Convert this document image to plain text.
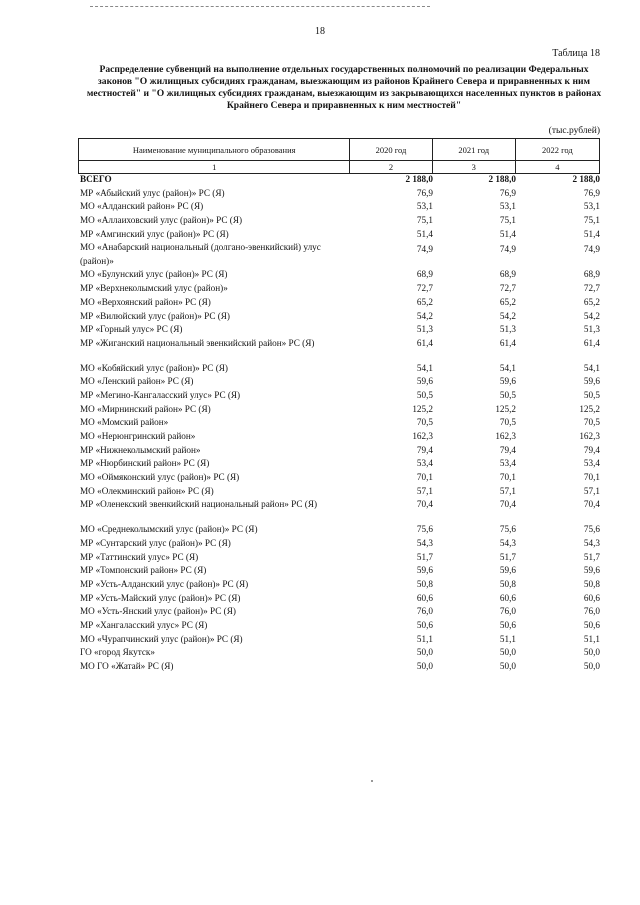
18
Таблица 18
Распределение субвенций на выполнение отдельных государственных полномочий по реализации Федеральных законов "О жилищных субсидиях гражданам, выезжающим из районов Крайнего Севера и приравненных к ним местностей" и "О жилищных субсидиях гражданам, выезжающим из закрывающихся населенных пунктов в районах Крайнего Севера и приравненных к ним местностей"
(тыс.рублей)
Наименование муниципального образования	2020 год	2021 год	2022 год
1	2	3	4
ВСЕГО	2 188,0	2 188,0	2 188,0
МР «Абыйский улус (район)» РС (Я)	76,9	76,9	76,9
МО «Алданский район» РС (Я)	53,1	53,1	53,1
МО «Аллаиховский улус (район)» РС (Я)	75,1	75,1	75,1
МР «Амгинский улус (район)» РС (Я)	51,4	51,4	51,4
МО «Анабарский национальный (долгано-эвенкийский) улус (район)»
74,9	74,9	74,9
МО «Булунский улус (район)» РС (Я)	68,9	68,9	68,9
МР «Верхнеколымский улус (район)»	72,7	72,7	72,7
МО «Верхоянский район» РС (Я)	65,2	65,2	65,2
МР «Вилюйский улус (район)» РС (Я)	54,2	54,2	54,2
МР «Горный улус» РС (Я)	51,3	51,3	51,3
МР «Жиганский национальный эвенкийский район» РС (Я)	61,4	61,4	61,4
МО «Кобяйский улус (район)» РС (Я)	54,1	54,1	54,1
МО «Ленский район» РС (Я)	59,6	59,6	59,6
МР «Мегино-Кангаласский улус» РС (Я)	50,5	50,5	50,5
МО «Мирнинский район» РС (Я)	125,2	125,2	125,2
МО «Момский район»	70,5	70,5	70,5
МО «Нерюнгринский район»	162,3	162,3	162,3
МР «Нижнеколымский район»	79,4	79,4	79,4
МР «Нюрбинский район» РС (Я)	53,4	53,4	53,4
МО «Оймяконский улус (район)» РС (Я)	70,1	70,1	70,1
МО «Олекминский район» РС (Я)	57,1	57,1	57,1
МР «Оленекский эвенкийский национальный район» РС (Я)	70,4	70,4	70,4
МО «Среднеколымский улус (район)» РС (Я)	75,6	75,6	75,6
МР «Сунтарский улус (район)» РС (Я)	54,3	54,3	54,3
МР «Таттинский улус» РС (Я)	51,7	51,7	51,7
МР «Томпонский район» РС (Я)	59,6	59,6	59,6
МР «Усть-Алданский улус (район)» РС (Я)	50,8	50,8	50,8
МР «Усть-Майский улус (район)» РС (Я)	60,6	60,6	60,6
МО «Усть-Янский улус (район)» РС (Я)	76,0	76,0	76,0
МР «Хангаласский улус» РС (Я)	50,6	50,6	50,6
МО «Чурапчинский улус (район)» РС (Я)	51,1	51,1	51,1
ГО «город Якутск»	50,0	50,0	50,0
МО ГО «Жатай» РС (Я)	50,0	50,0	50,0
